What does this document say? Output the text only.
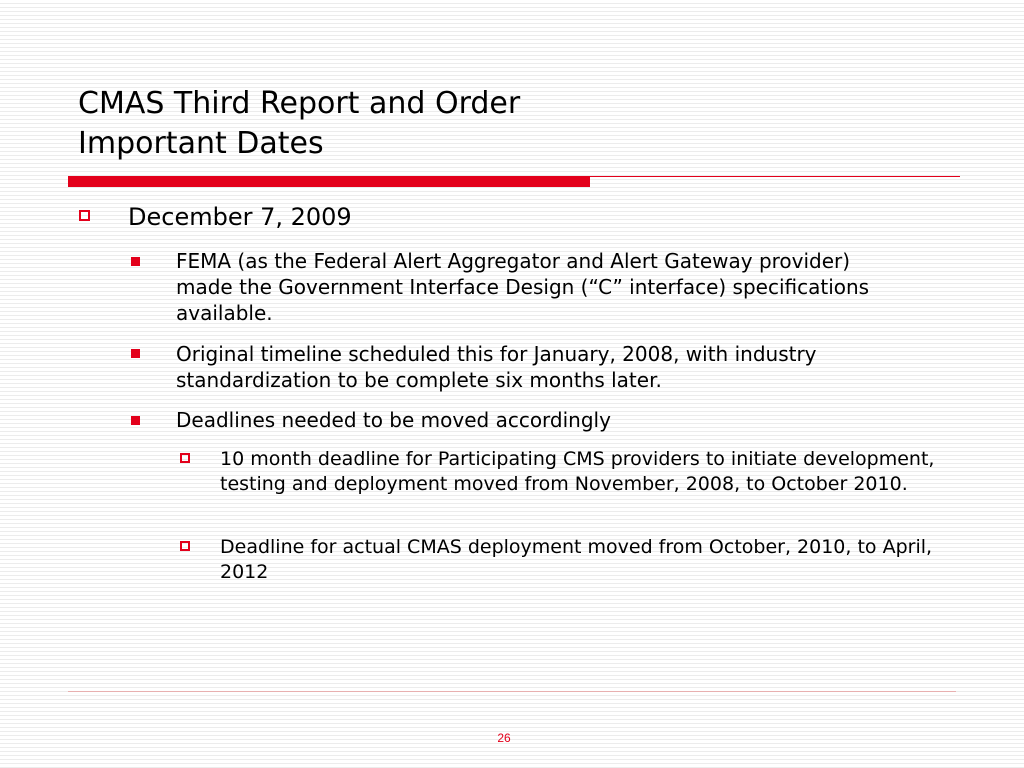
CMAS Third Report and Order
Important Dates
December 7, 2009
FEMA (as the Federal Alert Aggregator and Alert Gateway provider) made the Government Interface Design (“C” interface) specifications available.
Original timeline scheduled this for January, 2008, with industry standardization to be complete six months later.
Deadlines needed to be moved accordingly
10 month deadline for Participating CMS providers to initiate development, testing and deployment moved from November, 2008, to October 2010.
Deadline for actual CMAS deployment moved from October, 2010, to April, 2012
26
